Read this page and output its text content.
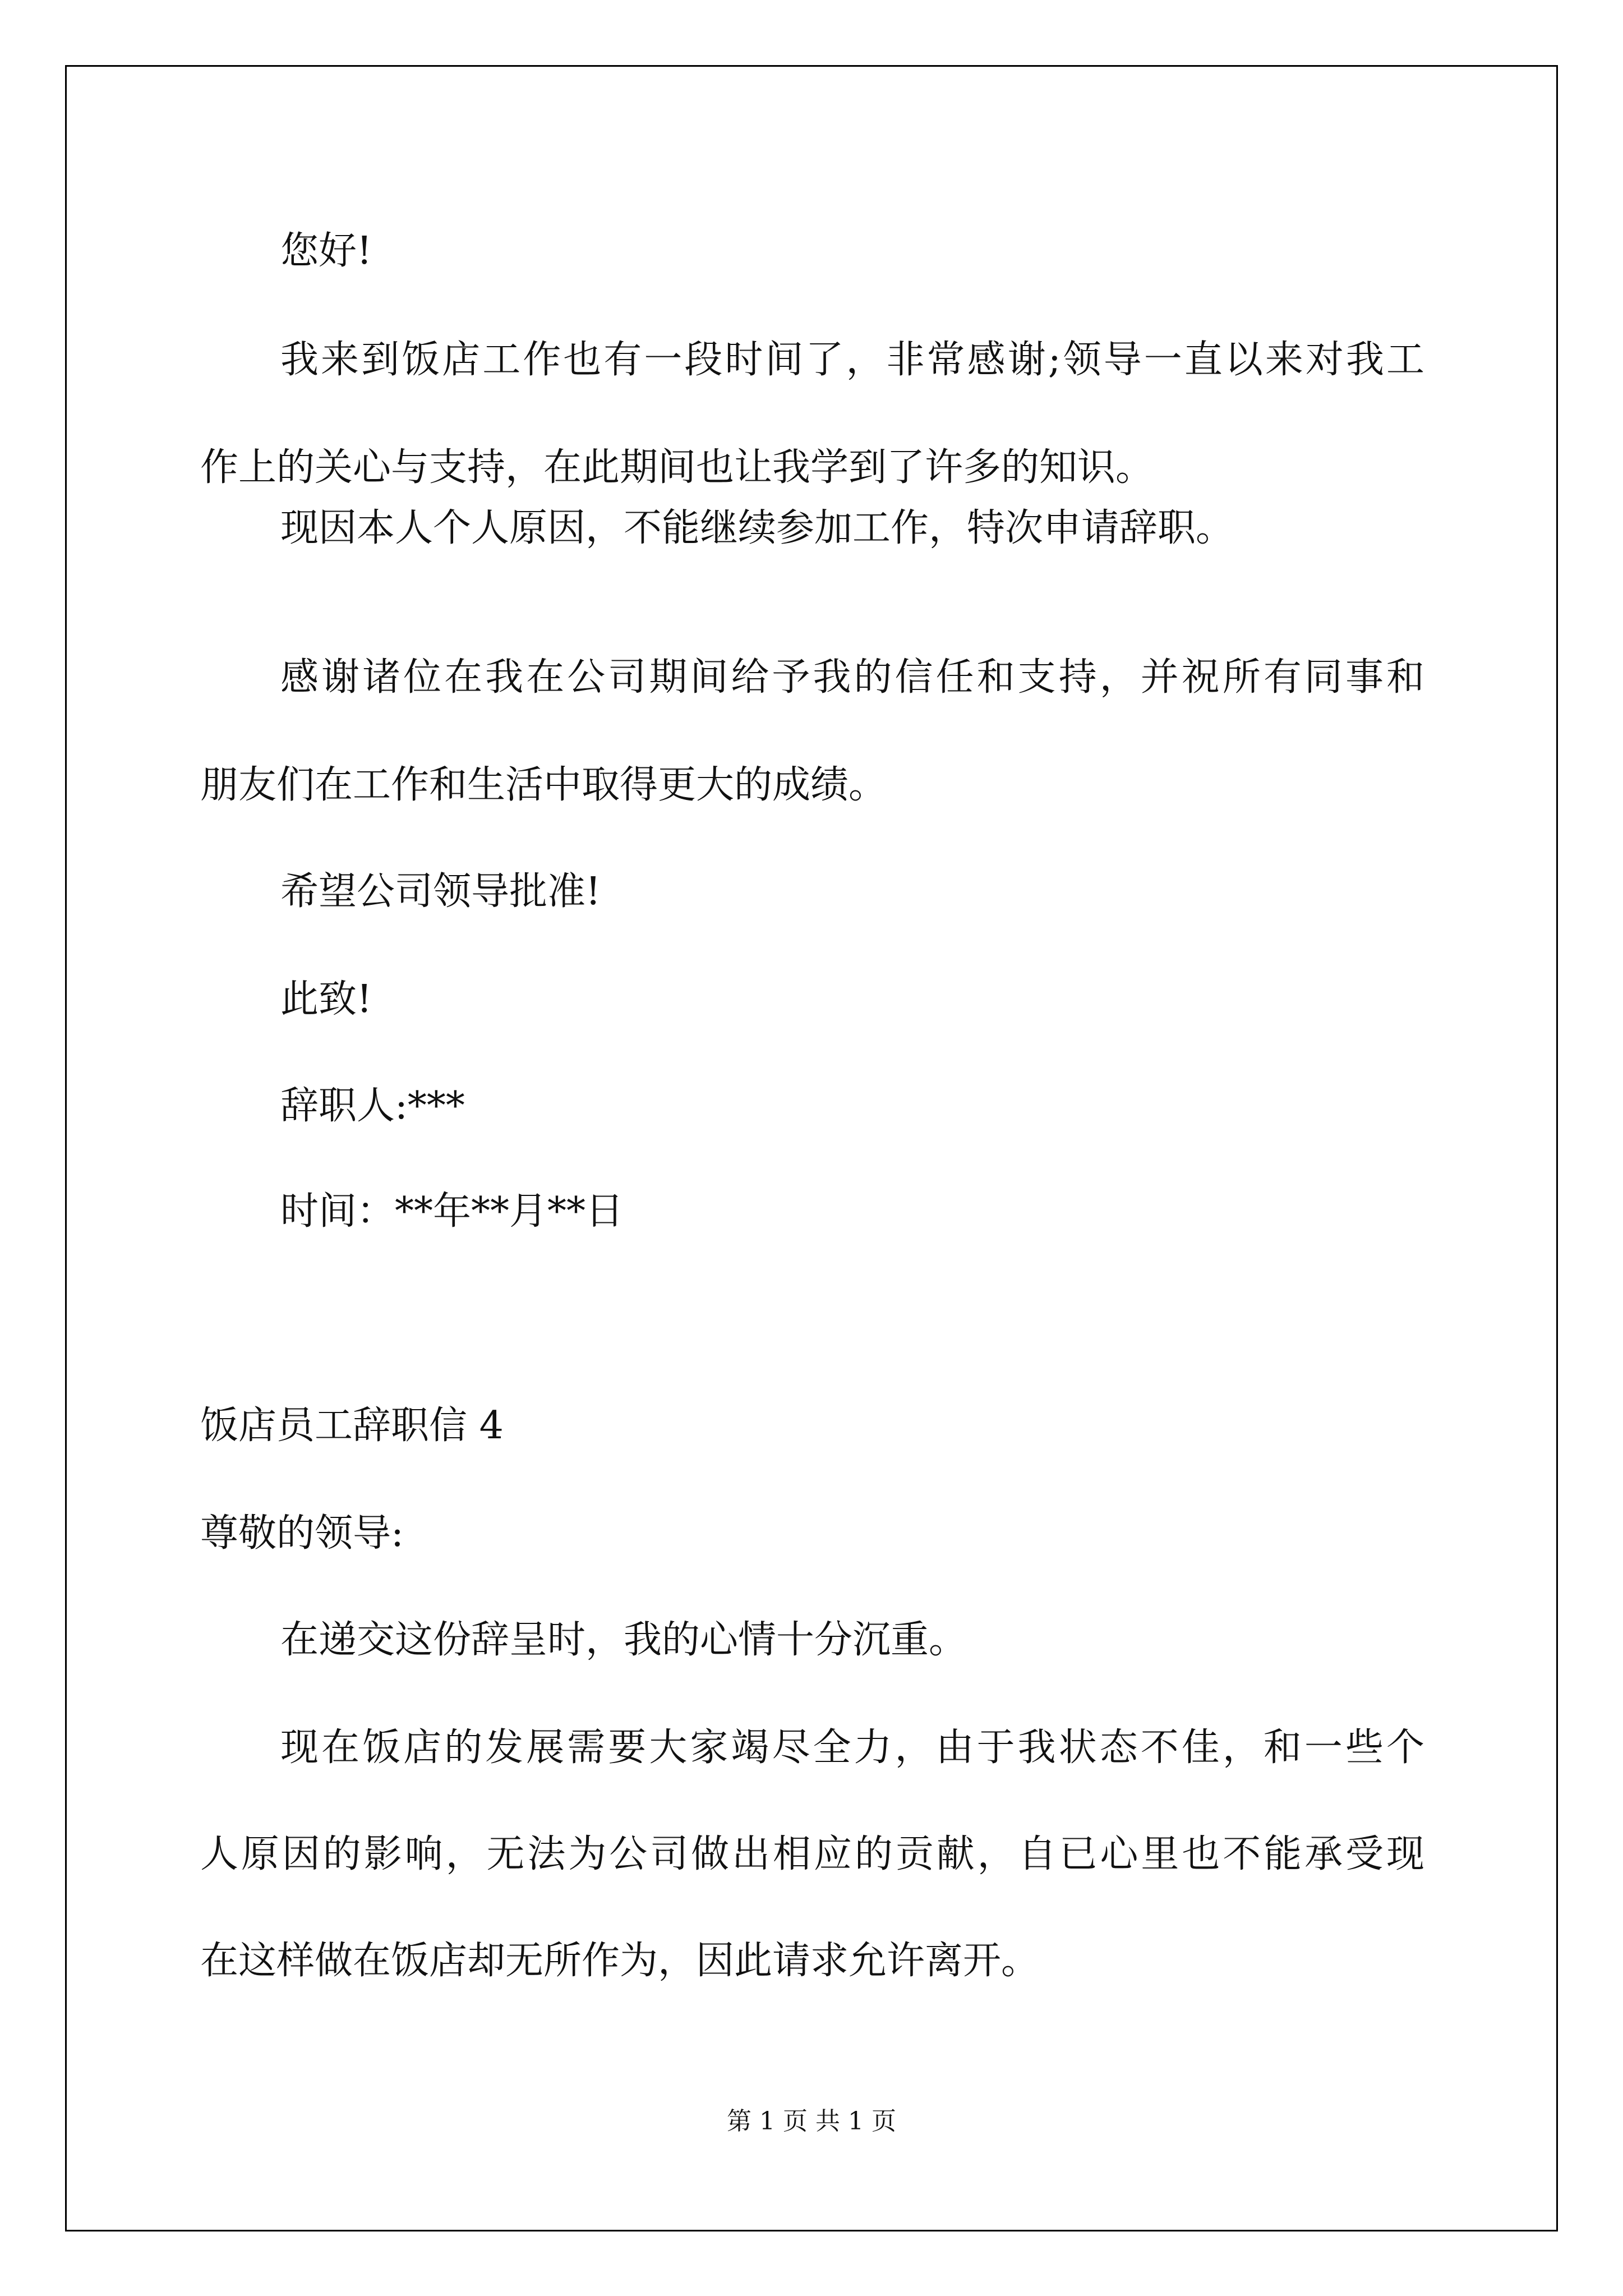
您好!
我来到饭店工作也有一段时间了，非常感谢;领导一直以来对我工
作上的关心与支持，在此期间也让我学到了许多的知识。
现因本人个人原因，不能继续参加工作，特次申请辞职。
感谢诸位在我在公司期间给予我的信任和支持，并祝所有同事和
朋友们在工作和生活中取得更大的成绩。
希望公司领导批准!
此致!
辞职人:***
时间：**年**月**日
饭店员工辞职信 4
尊敬的领导:
在递交这份辞呈时，我的心情十分沉重。
现在饭店的发展需要大家竭尽全力，由于我状态不佳，和一些个
人原因的影响，无法为公司做出相应的贡献，自已心里也不能承受现
在这样做在饭店却无所作为，因此请求允许离开。
第 1 页 共 1 页
